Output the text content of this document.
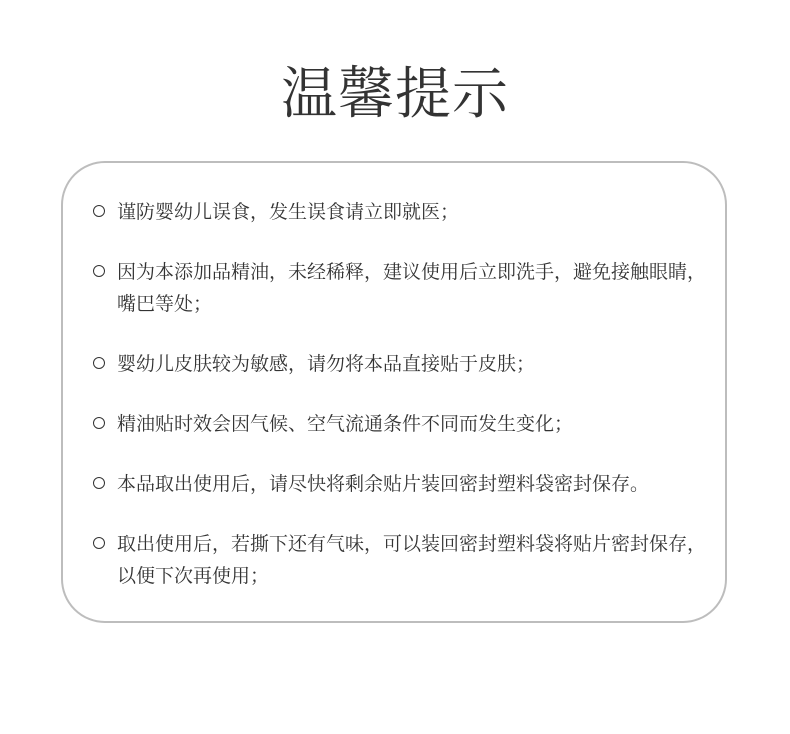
温馨提示
谨防婴幼儿误食，发生误食请立即就医；
因为本添加品精油，未经稀释，建议使用后立即洗手，避免接触眼睛，嘴巴等处；
婴幼儿皮肤较为敏感，请勿将本品直接贴于皮肤；
精油贴时效会因气候、空气流通条件不同而发生变化；
本品取出使用后，请尽快将剩余贴片装回密封塑料袋密封保存。
取出使用后，若撕下还有气味，可以装回密封塑料袋将贴片密封保存，以便下次再使用；
